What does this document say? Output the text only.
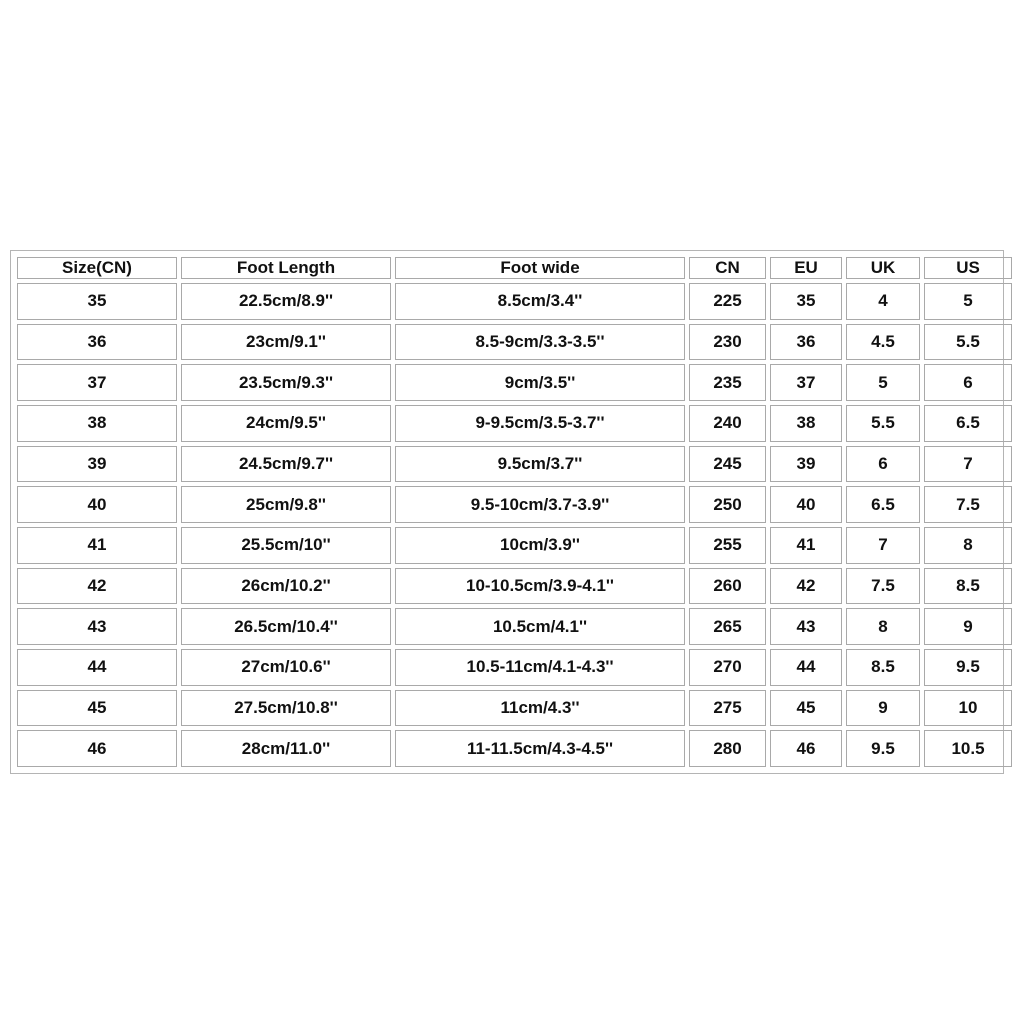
Size(CN)	Foot Length	Foot wide	CN	EU	UK	US
35	22.5cm/8.9''	8.5cm/3.4''	225	35	4	5
36	23cm/9.1''	8.5-9cm/3.3-3.5''	230	36	4.5	5.5
37	23.5cm/9.3''	9cm/3.5''	235	37	5	6
38	24cm/9.5''	9-9.5cm/3.5-3.7''	240	38	5.5	6.5
39	24.5cm/9.7''	9.5cm/3.7''	245	39	6	7
40	25cm/9.8''	9.5-10cm/3.7-3.9''	250	40	6.5	7.5
41	25.5cm/10''	10cm/3.9''	255	41	7	8
42	26cm/10.2''	10-10.5cm/3.9-4.1''	260	42	7.5	8.5
43	26.5cm/10.4''	10.5cm/4.1''	265	43	8	9
44	27cm/10.6''	10.5-11cm/4.1-4.3''	270	44	8.5	9.5
45	27.5cm/10.8''	11cm/4.3''	275	45	9	10
46	28cm/11.0''	11-11.5cm/4.3-4.5''	280	46	9.5	10.5
